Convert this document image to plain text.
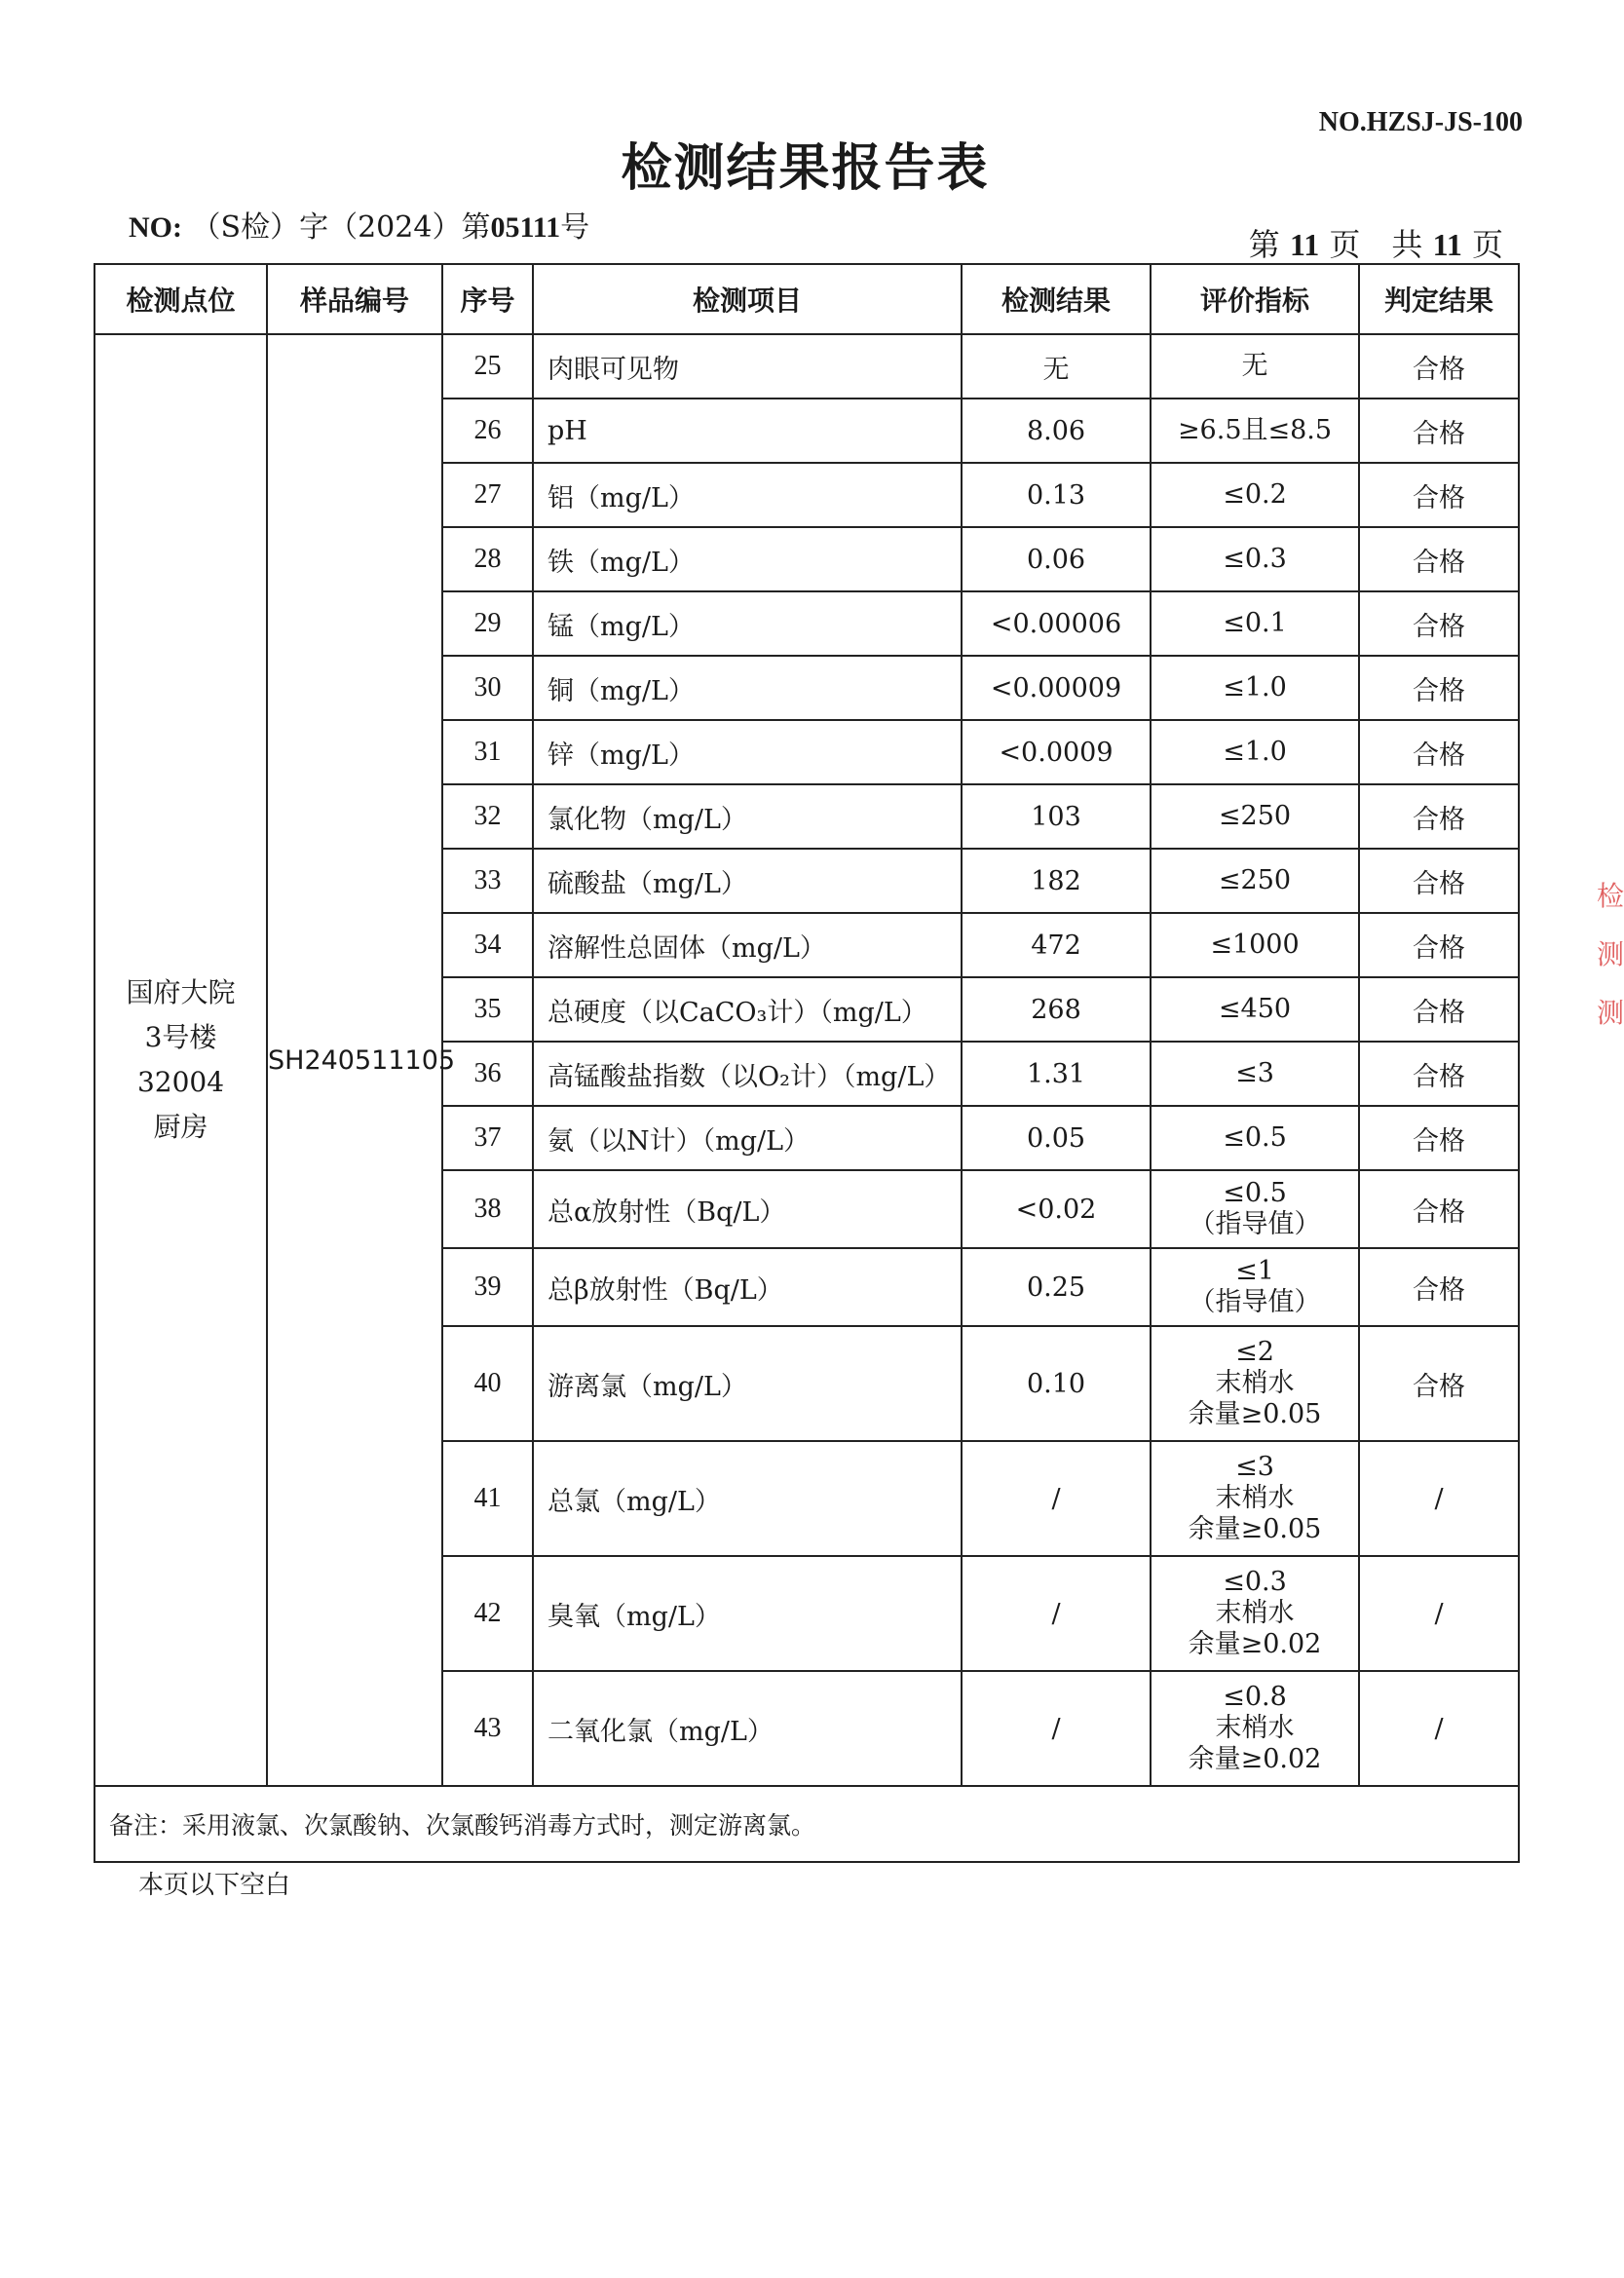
NO.HZSJ-JS-100
检测结果报告表
NO: （S检）字（2024）第05111号	第 11 页　共 11 页
检测点位	样品编号	序号	检测项目	检测结果	评价指标	判定结果

国府大院
3号楼
32004
厨房	SH240511105	25	肉眼可见物	无	无	合格
		26	pH	8.06	≥6.5且≤8.5	合格
		27	铝（mg/L）	0.13	≤0.2	合格
		28	铁（mg/L）	0.06	≤0.3	合格
		29	锰（mg/L）	<0.00006	≤0.1	合格
		30	铜（mg/L）	<0.00009	≤1.0	合格
		31	锌（mg/L）	<0.0009	≤1.0	合格
		32	氯化物（mg/L）	103	≤250	合格
		33	硫酸盐（mg/L）	182	≤250	合格
		34	溶解性总固体（mg/L）	472	≤1000	合格
		35	总硬度（以CaCO₃计）（mg/L）	268	≤450	合格
		36	高锰酸盐指数（以O₂计）（mg/L）	1.31	≤3	合格
		37	氨（以N计）（mg/L）	0.05	≤0.5	合格
		38	总α放射性（Bq/L）	<0.02	≤0.5
（指导值）	合格
		39	总β放射性（Bq/L）	0.25	≤1
（指导值）	合格
		40	游离氯（mg/L）	0.10	≤2
末梢水
余量≥0.05	合格
		41	总氯（mg/L）	/	≤3
末梢水
余量≥0.05	/
		42	臭氧（mg/L）	/	≤0.3
末梢水
余量≥0.02	/
		43	二氧化氯（mg/L）	/	≤0.8
末梢水
余量≥0.02	/
备注：采用液氯、次氯酸钠、次氯酸钙消毒方式时，测定游离氯。						
本页以下空白
检
测
测
